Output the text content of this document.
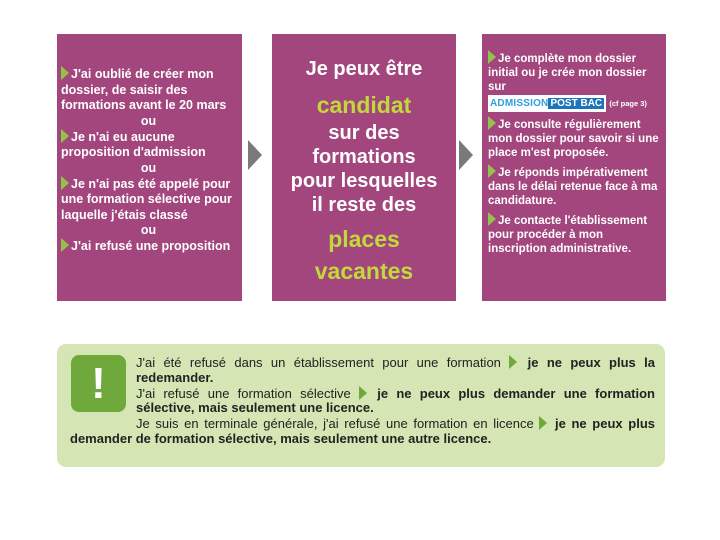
J'ai oublié de créer mon dossier, de saisir des formations avant le 20 mars
ou
Je n'ai eu aucune proposition d'admission
ou
Je n'ai pas été appelé pour une formation sélective pour laquelle j'étais classé
ou
J'ai refusé une proposition
Je peux être
candidat
sur des
formations
pour lesquelles
il reste des
places
vacantes
Je complète mon dossier initial ou je crée mon dossier sur
ADMISSION POST BAC (cf page 3)
Je consulte régulièrement mon dossier pour savoir si une place m'est proposée.
Je réponds impérativement dans le délai retenue face à ma candidature.
Je contacte l'établissement pour procéder à mon inscription administrative.
!	J'ai été refusé dans un établissement pour une formation je ne peux plus la redemander.
J'ai refusé une formation sélective je ne peux plus demander une formation sélective, mais seulement une licence.
Je suis en terminale générale, j'ai refusé une formation en licence je ne peux plus demander de formation sélective, mais seulement une autre licence.
